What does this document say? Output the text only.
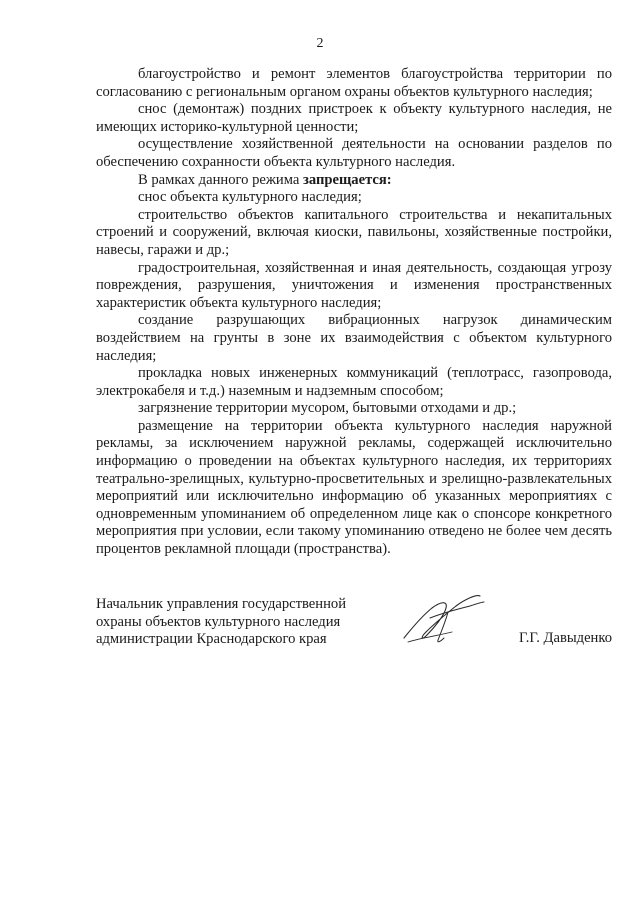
2

благоустройство и ремонт элементов благоустройства территории по согласованию с региональным органом охраны объектов культурного наследия;

снос (демонтаж) поздних пристроек к объекту культурного наследия, не имеющих историко-культурной ценности;

осуществление хозяйственной деятельности на основании разделов по обеспечению сохранности объекта культурного наследия.

В рамках данного режима запрещается:

снос объекта культурного наследия;

строительство объектов капитального строительства и некапитальных строений и сооружений, включая киоски, павильоны, хозяйственные постройки, навесы, гаражи и др.;

градостроительная, хозяйственная и иная деятельность, создающая угрозу повреждения, разрушения, уничтожения и изменения пространственных характеристик объекта культурного наследия;

создание разрушающих вибрационных нагрузок динамическим воздействием на грунты в зоне их взаимодействия с объектом культурного наследия;

прокладка новых инженерных коммуникаций (теплотрасс, газопровода, электрокабеля и т.д.) наземным и надземным способом;

загрязнение территории мусором, бытовыми отходами и др.;

размещение на территории объекта культурного наследия наружной рекламы, за исключением наружной рекламы, содержащей исключительно информацию о проведении на объектах культурного наследия, их территориях театрально-зрелищных, культурно-просветительных и зрелищно-развлекательных мероприятий или исключительно информацию об указанных мероприятиях с одновременным упоминанием об определенном лице как о спонсоре конкретного мероприятия при условии, если такому упоминанию отведено не более чем десять процентов рекламной площади (пространства).

Начальник управления государственной
охраны объектов культурного наследия
администрации Краснодарского края	Г.Г. Давыденко
